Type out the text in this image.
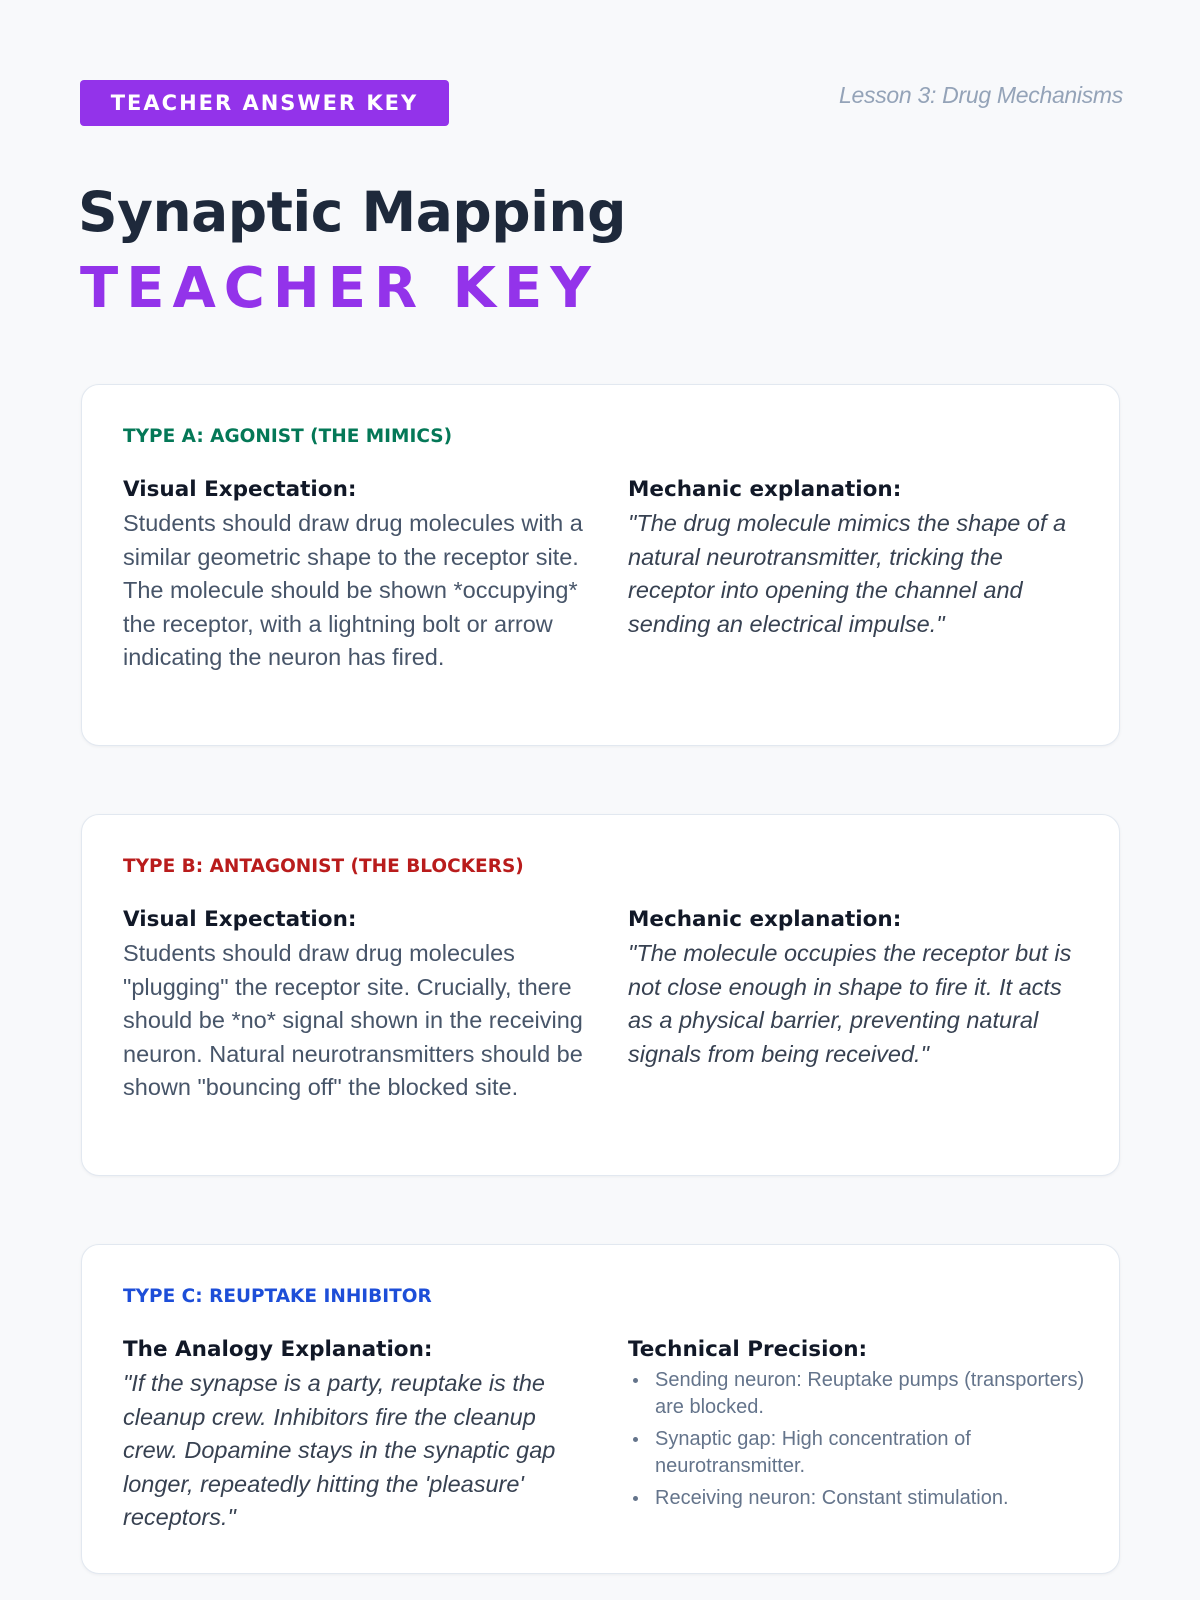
TEACHER ANSWER KEY	Lesson 3: Drug Mechanisms
Synaptic Mapping
TEACHER KEY
TYPE A: AGONIST (THE MIMICS)
Visual Expectation:

Students should draw drug molecules with a similar geometric shape to the receptor site. The molecule should be shown *occupying* the receptor, with a lightning bolt or arrow indicating the neuron has fired.

Mechanic explanation:

"The drug molecule mimics the shape of a natural neurotransmitter, tricking the receptor into opening the channel and sending an electrical impulse."

TYPE B: ANTAGONIST (THE BLOCKERS)
Visual Expectation:

Students should draw drug molecules "plugging" the receptor site. Crucially, there should be *no* signal shown in the receiving neuron. Natural neurotransmitters should be shown "bouncing off" the blocked site.

Mechanic explanation:

"The molecule occupies the receptor but is not close enough in shape to fire it. It acts as a physical barrier, preventing natural signals from being received."

TYPE C: REUPTAKE INHIBITOR
The Analogy Explanation:

"If the synapse is a party, reuptake is the cleanup crew. Inhibitors fire the cleanup crew. Dopamine stays in the synaptic gap longer, repeatedly hitting the 'pleasure' receptors."

Technical Precision:
Sending neuron: Reuptake pumps (transporters) are blocked.
Synaptic gap: High concentration of neurotransmitter.
Receiving neuron: Constant stimulation.
